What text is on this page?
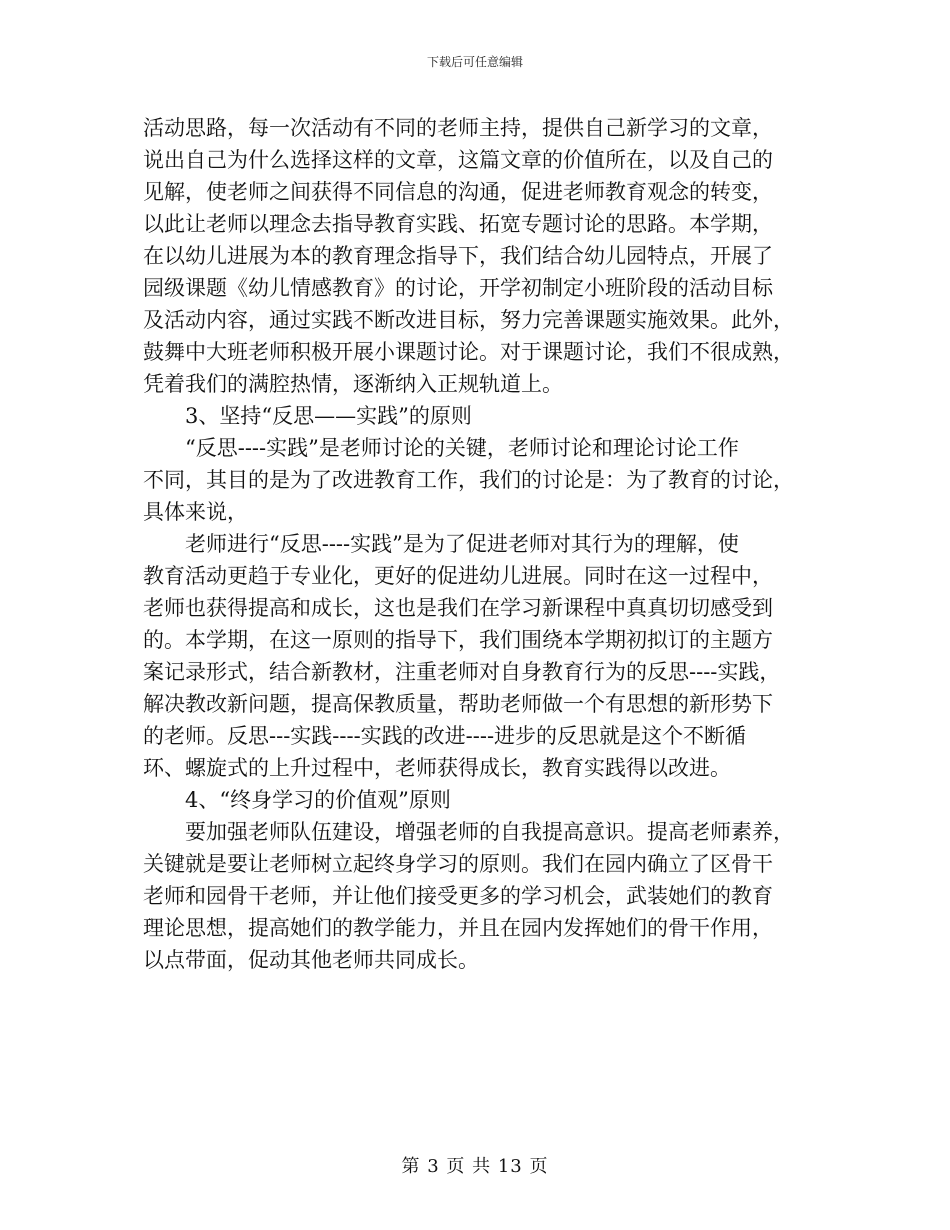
下载后可任意编辑
活动思路，每一次活动有不同的老师主持，提供自己新学习的文章，
说出自己为什么选择这样的文章，这篇文章的价值所在，以及自己的
见解，使老师之间获得不同信息的沟通，促进老师教育观念的转变，
以此让老师以理念去指导教育实践、拓宽专题讨论的思路。本学期，
在以幼儿进展为本的教育理念指导下，我们结合幼儿园特点，开展了
园级课题《幼儿情感教育》的讨论，开学初制定小班阶段的活动目标
及活动内容，通过实践不断改进目标，努力完善课题实施效果。此外，
鼓舞中大班老师积极开展小课题讨论。对于课题讨论，我们不很成熟，
凭着我们的满腔热情，逐渐纳入正规轨道上。
3、坚持“反思——实践”的原则
“反思----实践”是老师讨论的关键，老师讨论和理论讨论工作
不同，其目的是为了改进教育工作，我们的讨论是：为了教育的讨论，
具体来说，
老师进行“反思----实践”是为了促进老师对其行为的理解，使
教育活动更趋于专业化，更好的促进幼儿进展。同时在这一过程中，
老师也获得提高和成长，这也是我们在学习新课程中真真切切感受到
的。本学期，在这一原则的指导下，我们围绕本学期初拟订的主题方
案记录形式，结合新教材，注重老师对自身教育行为的反思----实践，
解决教改新问题，提高保教质量，帮助老师做一个有思想的新形势下
的老师。反思---实践----实践的改进----进步的反思就是这个不断循
环、螺旋式的上升过程中，老师获得成长，教育实践得以改进。
4、“终身学习的价值观”原则
要加强老师队伍建设，增强老师的自我提高意识。提高老师素养，
关键就是要让老师树立起终身学习的原则。我们在园内确立了区骨干
老师和园骨干老师，并让他们接受更多的学习机会，武装她们的教育
理论思想，提高她们的教学能力，并且在园内发挥她们的骨干作用，
以点带面，促动其他老师共同成长。
第 3 页 共 13 页
